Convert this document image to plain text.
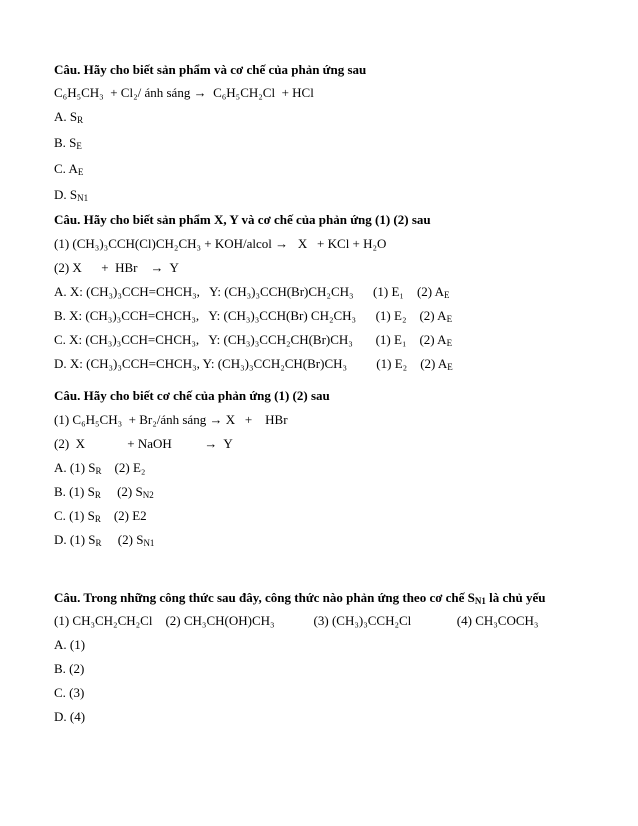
Câu. Hãy cho biết sản phẩm và cơ chế của phản ứng sau
C₆H₅CH₃  + Cl₂/ ánh sáng →  C₆H₅CH₂Cl  + HCl
A. $S_R$
B. $S_E$
C. $A_E$
D. $S_{N1}$
Câu. Hãy cho biết sản phẩm X, Y và cơ chế của phản ứng (1) (2) sau
(1) (CH₃)₃CCH(Cl)CH₂CH₃ + KOH/alcol →   X   + KCl + H₂O
(2) X      +  HBr    →  Y
A. X: (CH₃)₃CCH=CHCH₃,   Y: (CH₃)₃CCH(Br)CH₂CH₃      (1) E₁    (2) $A_E$
B. X: (CH₃)₃CCH=CHCH₃,   Y: (CH₃)₃CCH(Br) CH₂CH₃      (1) E₂    (2) $A_E$
C. X: (CH₃)₃CCH=CHCH₃,   Y: (CH₃)₃CCH₂CH(Br)CH₃       (1) E₁    (2) $A_E$
D. X: (CH₃)₃CCH=CHCH₃, Y: (CH₃)₃CCH₂CH(Br)CH₃         (1) E₂    (2) $A_E$
Câu. Hãy cho biết cơ chế của phản ứng (1) (2) sau
(1) C₆H₅CH₃  + Br₂/ánh sáng → X   +    HBr
(2)  X             + NaOH          →  Y
A. (1) $S_R$    (2) E₂
B. (1) $S_R$     (2) $S_{N2}$
C. (1) $S_R$    (2) E2
D. (1) $S_R$     (2) $S_{N1}$
Câu. Trong những công thức sau đây, công thức nào phản ứng theo cơ chế $S_{N1}$ là chủ yếu
(1) CH₃CH₂CH₂Cl    (2) CH₃CH(OH)CH₃            (3) (CH₃)₃CCH₂Cl              (4) CH₃COCH₃
A. (1)
B. (2)
C. (3)
D. (4)
